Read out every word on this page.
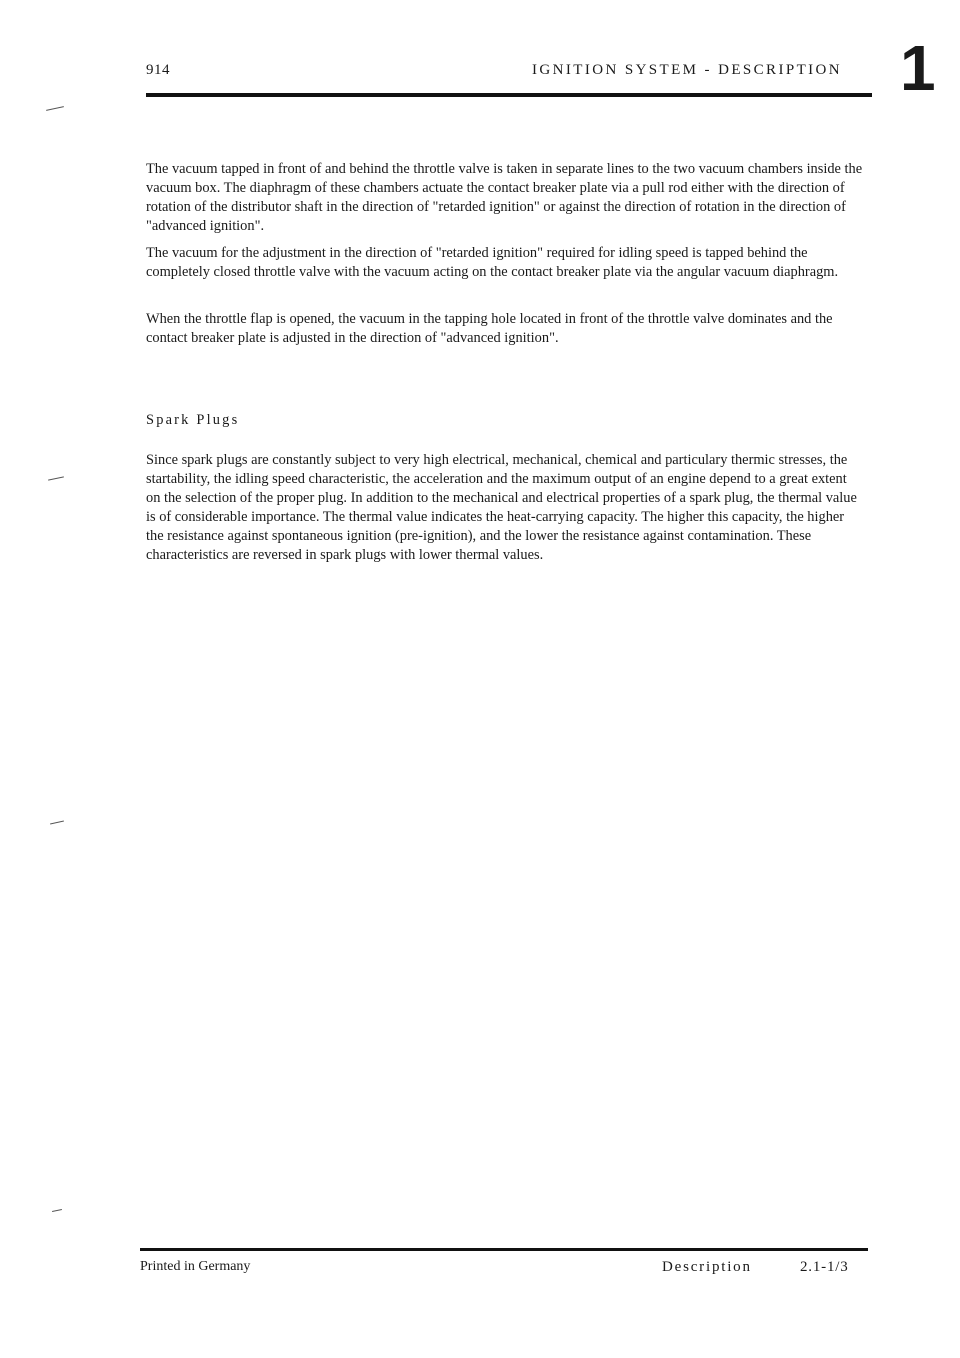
914	IGNITION SYSTEM - DESCRIPTION 1

The vacuum tapped in front of and behind the throttle valve is taken in separate lines to the two vacuum chambers inside the vacuum box. The diaphragm of these chambers actuate the contact breaker plate via a pull rod either with the direction of rotation of the distributor shaft in the direction of "retarded ignition" or against the direction of rotation in the direction of "advanced ignition".

The vacuum for the adjustment in the direction of "retarded ignition" required for idling speed is tapped behind the completely closed throttle valve with the vacuum acting on the contact breaker plate via the angular vacuum diaphragm.

When the throttle flap is opened, the vacuum in the tapping hole located in front of the throttle valve dominates and the contact breaker plate is adjusted in the direction of "advanced ignition".

Spark Plugs

Since spark plugs are constantly subject to very high electrical, mechanical, chemical and particulary thermic stresses, the startability, the idling speed characteristic, the acceleration and the maximum output of an engine depend to a great extent on the selection of the proper plug. In addition to the mechanical and electrical properties of a spark plug, the thermal value is of considerable importance. The thermal value indicates the heat-carrying capacity. The higher this capacity, the higher the resistance against spontaneous ignition (pre-ignition), and the lower the resistance against contamination. These characteristics are reversed in spark plugs with lower thermal values.

Printed in Germany	Description	2.1-1/3
